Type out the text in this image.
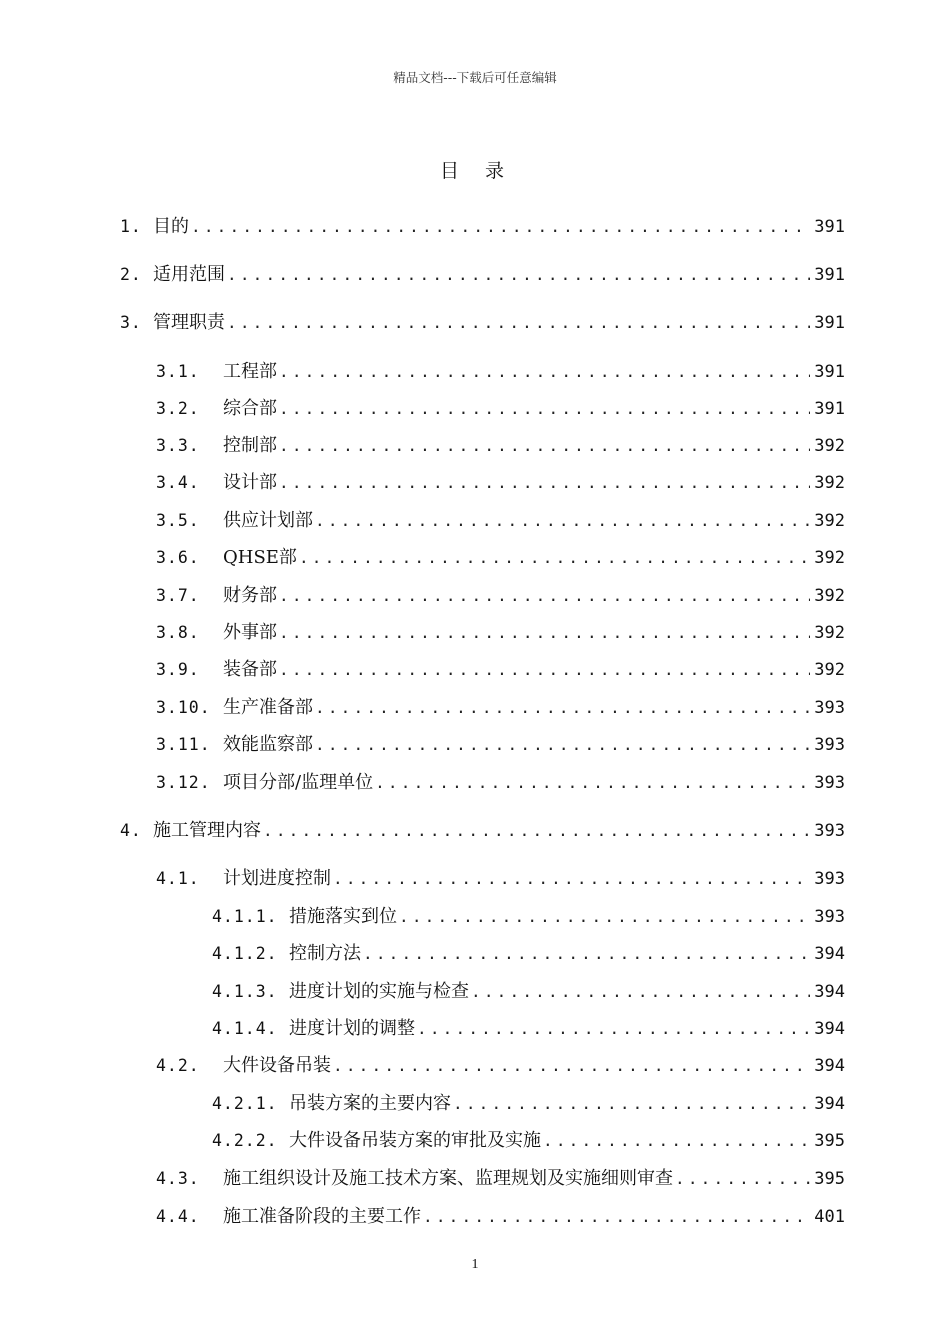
精品文档---下载后可任意编辑
目录
1. 目的 .....	391
2. 适用范围 .....	391
3. 管理职责 .....	391
3.1.	工程部 .....	391
3.2.	综合部 .....	391
3.3.	控制部 .....	392
3.4.	设计部 .....	392
3.5.	供应计划部 .....	392
3.6.	QHSE部 .....	392
3.7.	财务部 .....	392
3.8.	外事部 .....	392
3.9.	装备部 .....	392
3.10. 生产准备部 .....	393
3.11. 效能监察部 .....	393
3.12. 项目分部/监理单位 .....	393
4. 施工管理内容 .....	393
4.1.	计划进度控制 .....	393
4.1.1. 措施落实到位 .....	393
4.1.2. 控制方法 .....	394
4.1.3. 进度计划的实施与检查 .....	394
4.1.4. 进度计划的调整 .....	394
4.2.	大件设备吊装 .....	394
4.2.1. 吊装方案的主要内容 .....	394
4.2.2. 大件设备吊装方案的审批及实施 .....	395
4.3.	施工组织设计及施工技术方案、监理规划及实施细则审查 .....	395
4.4.	施工准备阶段的主要工作 .....	401
1
